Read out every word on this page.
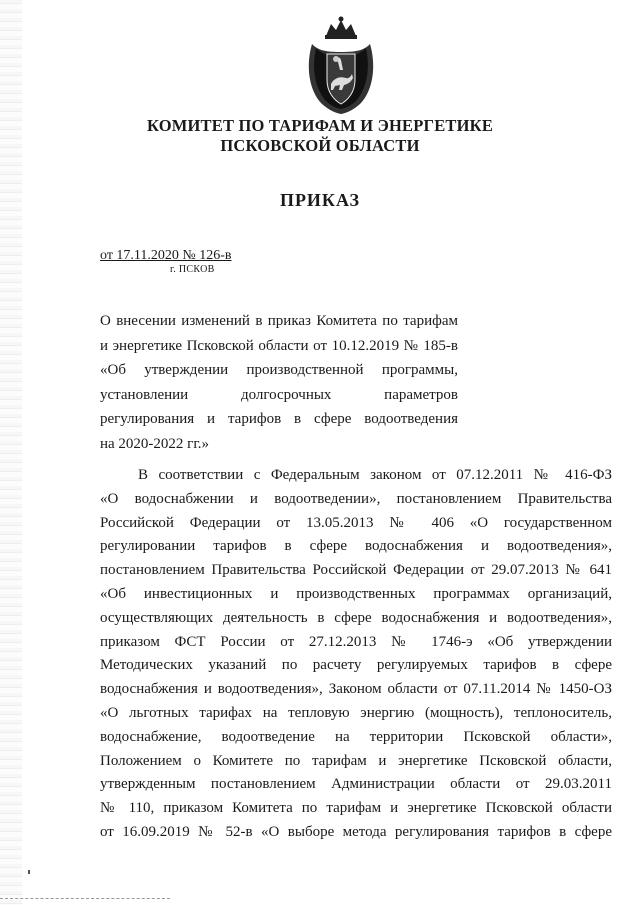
КОМИТЕТ ПО ТАРИФАМ И ЭНЕРГЕТИКЕ
ПСКОВСКОЙ ОБЛАСТИ
ПРИКАЗ
от 17.11.2020 № 126-в
г. ПСКОВ
О внесении изменений в приказ Комитета по тарифам
и энергетике Псковской области от 10.12.2019 № 185-в
«Об утверждении производственной программы,
установлении долгосрочных параметров
регулирования и тарифов в сфере водоотведения
на 2020-2022 гг.»
В соответствии с Федеральным законом от 07.12.2011 № 416-ФЗ
«О водоснабжении и водоотведении», постановлением Правительства
Российской Федерации от 13.05.2013 № 406 «О государственном
регулировании тарифов в сфере водоснабжения и водоотведения»,
постановлением Правительства Российской Федерации от 29.07.2013 № 641
«Об инвестиционных и производственных программах организаций,
осуществляющих деятельность в сфере водоснабжения и водоотведения»,
приказом ФСТ России от 27.12.2013 № 1746-э «Об утверждении
Методических указаний по расчету регулируемых тарифов в сфере
водоснабжения и водоотведения», Законом области от 07.11.2014 № 1450-ОЗ
«О льготных тарифах на тепловую энергию (мощность), теплоноситель,
водоснабжение, водоотведение на территории Псковской области»,
Положением о Комитете по тарифам и энергетике Псковской области,
утвержденным постановлением Администрации области от 29.03.2011
№ 110, приказом Комитета по тарифам и энергетике Псковской области
от 16.09.2019 № 52-в «О выборе метода регулирования тарифов в сфере
